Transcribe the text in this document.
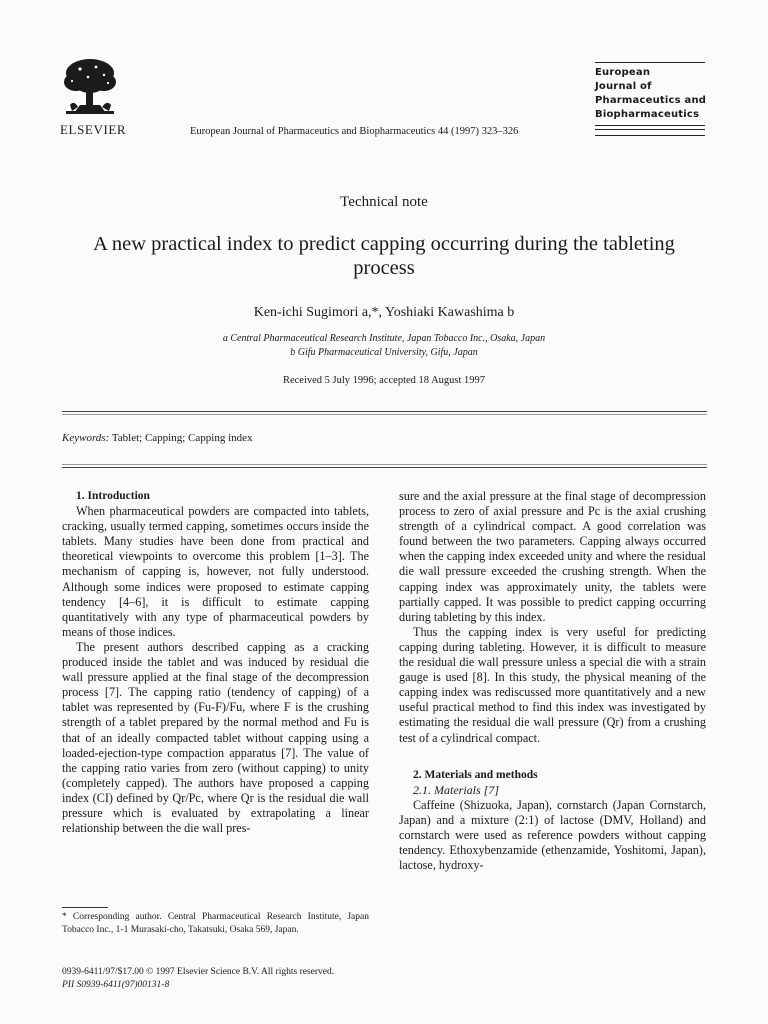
ELSEVIER	European Journal of Pharmaceutics and Biopharmaceutics 44 (1997) 323–326
European
Journal of
Pharmaceutics and
Biopharmaceutics
Technical note
A new practical index to predict capping occurring during the tableting process
Ken-ichi Sugimori a,*, Yoshiaki Kawashima b
a Central Pharmaceutical Research Institute, Japan Tobacco Inc., Osaka, Japan
b Gifu Pharmaceutical University, Gifu, Japan
Received 5 July 1996; accepted 18 August 1997
Keywords: Tablet; Capping; Capping index

1. Introduction

When pharmaceutical powders are compacted into tablets, cracking, usually termed capping, sometimes occurs inside the tablets. Many studies have been done from practical and theoretical viewpoints to overcome this problem [1–3]. The mechanism of capping is, however, not fully understood. Although some indices were proposed to estimate capping tendency [4–6], it is difficult to estimate capping quantitatively with any type of pharmaceutical powders by means of those indices.

The present authors described capping as a cracking produced inside the tablet and was induced by residual die wall pressure applied at the final stage of the decompression process [7]. The capping ratio (tendency of capping) of a tablet was represented by (Fu-F)/Fu, where F is the crushing strength of a tablet prepared by the normal method and Fu is that of an ideally compacted tablet without capping using a loaded-ejection-type compaction apparatus [7]. The value of the capping ratio varies from zero (without capping) to unity (completely capped). The authors have proposed a capping index (CI) defined by Qr/Pc, where Qr is the residual die wall pressure which is evaluated by extrapolating a linear relationship between the die wall pres-

* Corresponding author. Central Pharmaceutical Research Institute, Japan Tobacco Inc., 1-1 Murasaki-cho, Takatsuki, Osaka 569, Japan.
0939-6411/97/$17.00 © 1997 Elsevier Science B.V. All rights reserved.
PII S0939-6411(97)00131-8

sure and the axial pressure at the final stage of decompression process to zero of axial pressure and Pc is the axial crushing strength of a cylindrical compact. A good correlation was found between the two parameters. Capping always occurred when the capping index exceeded unity and where the residual die wall pressure exceeded the crushing strength. When the capping index was approximately unity, the tablets were partially capped. It was possible to predict capping occurring during tableting by this index.

Thus the capping index is very useful for predicting capping during tableting. However, it is difficult to measure the residual die wall pressure unless a special die with a strain gauge is used [8]. In this study, the physical meaning of the capping index was rediscussed more quantitatively and a new useful practical method to find this index was investigated by estimating the residual die wall pressure (Qr) from a crushing test of a cylindrical compact.

2. Materials and methods

2.1. Materials [7]

Caffeine (Shizuoka, Japan), cornstarch (Japan Cornstarch, Japan) and a mixture (2:1) of lactose (DMV, Holland) and cornstarch were used as reference powders without capping tendency. Ethoxybenzamide (ethenzamide, Yoshitomi, Japan), lactose, hydroxy-
